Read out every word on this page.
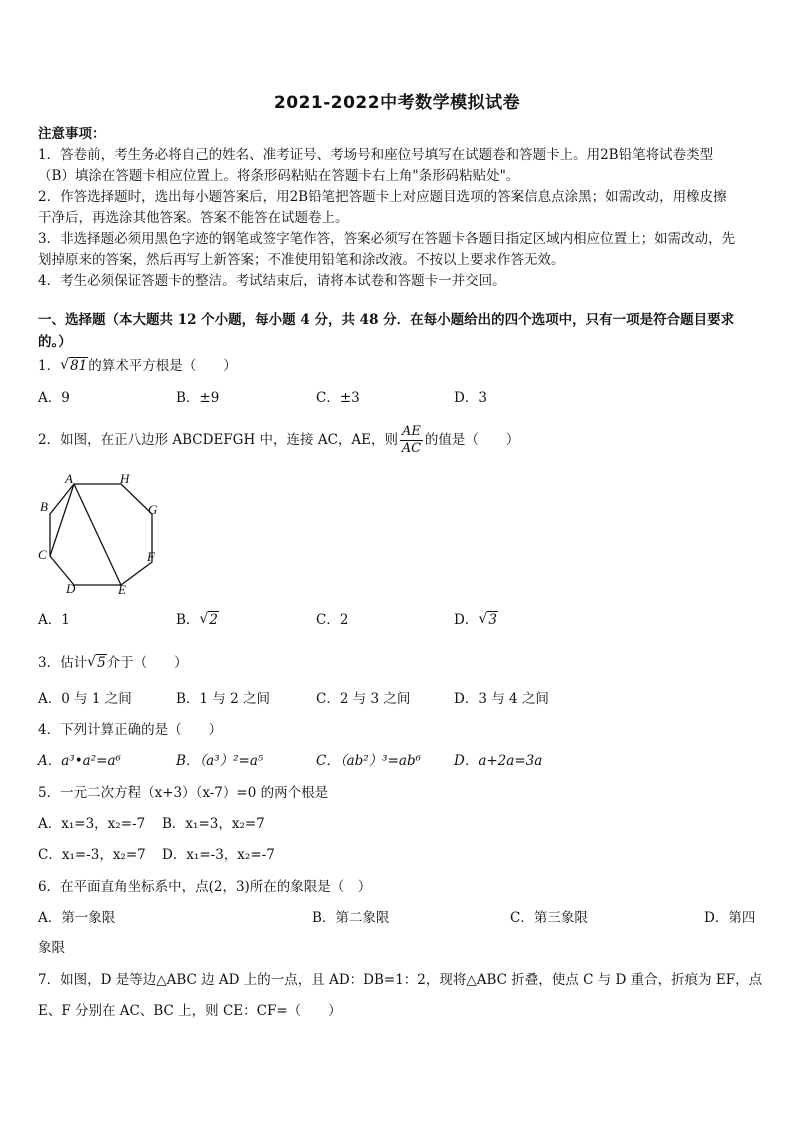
2021-2022中考数学模拟试卷
注意事项：
1．答卷前，考生务必将自己的姓名、准考证号、考场号和座位号填写在试题卷和答题卡上。用2B铅笔将试卷类型
（B）填涂在答题卡相应位置上。将条形码粘贴在答题卡右上角"条形码粘贴处"。
2．作答选择题时，选出每小题答案后，用2B铅笔把答题卡上对应题目选项的答案信息点涂黑；如需改动，用橡皮擦
干净后，再选涂其他答案。答案不能答在试题卷上。
3．非选择题必须用黑色字迹的钢笔或签字笔作答，答案必须写在答题卡各题目指定区域内相应位置上；如需改动，先
划掉原来的答案，然后再写上新答案；不准使用铅笔和涂改液。不按以上要求作答无效。
4．考生必须保证答题卡的整洁。考试结束后，请将本试卷和答题卡一并交回。
一、选择题（本大题共 12 个小题，每小题 4 分，共 48 分．在每小题给出的四个选项中，只有一项是符合题目要求
的。）
1． √ 81的算术平方根是（　　）
A．9	B．±9	C．±3	D．3
2．如图，在正八边形 ABCDEFGH 中，连接 AC，AE，则 $\frac{AE}{AC}$ 的值是（　　）
A	H
B	G
C	F
D	E
A．1	B． √ 2	C．2	D． √ 3
3．估计 √ 5介于（　　）
A．0 与 1 之间	B．1 与 2 之间	C．2 与 3 之间	D．3 与 4 之间
4．下列计算正确的是（　　）
A．a³•a²=a⁶	B．（a³）²=a⁵	C．（ab²）³=ab⁶ D．a+2a=3a
5．一元二次方程（x+3）（x-7）=0 的两个根是
A．x₁=3，x₂=-7 B．x₁=3，x₂=7
C．x₁=-3，x₂=7 D．x₁=-3，x₂=-7
6．在平面直角坐标系中，点(2，3)所在的象限是（　）
A．第一象限	B．第二象限	C．第三象限	D．第四
象限
7．如图，D 是等边△ABC 边 AD 上的一点，且 AD：DB=1：2，现将△ABC 折叠，使点 C 与 D 重合，折痕为 EF，点
E、F 分别在 AC、BC 上，则 CE：CF=（　　）
